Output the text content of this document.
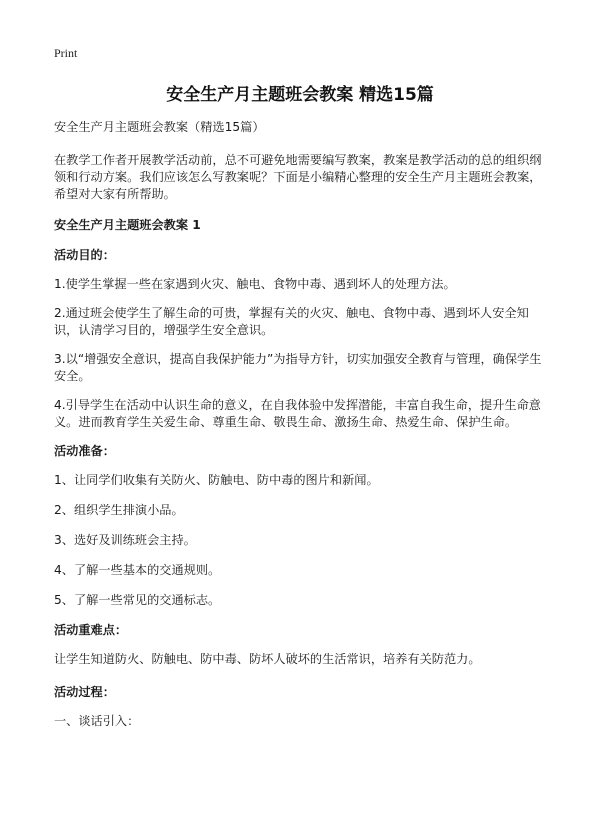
Print
安全生产月主题班会教案 精选15篇

安全生产月主题班会教案（精选15篇）

在教学工作者开展教学活动前，总不可避免地需要编写教案，教案是教学活动的总的组织纲领和行动方案。我们应该怎么写教案呢？下面是小编精心整理的安全生产月主题班会教案，希望对大家有所帮助。

安全生产月主题班会教案 1

活动目的：

1.使学生掌握一些在家遇到火灾、触电、食物中毒、遇到坏人的处理方法。

2.通过班会使学生了解生命的可贵，掌握有关的火灾、触电、食物中毒、遇到坏人安全知识，认清学习目的，增强学生安全意识。

3.以“增强安全意识，提高自我保护能力”为指导方针，切实加强安全教育与管理，确保学生安全。

4.引导学生在活动中认识生命的意义，在自我体验中发挥潜能，丰富自我生命，提升生命意义。进而教育学生关爱生命、尊重生命、敬畏生命、激扬生命、热爱生命、保护生命。

活动准备：

1、让同学们收集有关防火、防触电、防中毒的图片和新闻。

2、组织学生排演小品。

3、选好及训练班会主持。

4、了解一些基本的交通规则。

5、了解一些常见的交通标志。

活动重难点：

让学生知道防火、防触电、防中毒、防坏人破坏的生活常识，培养有关防范力。

活动过程：

一、谈话引入：
